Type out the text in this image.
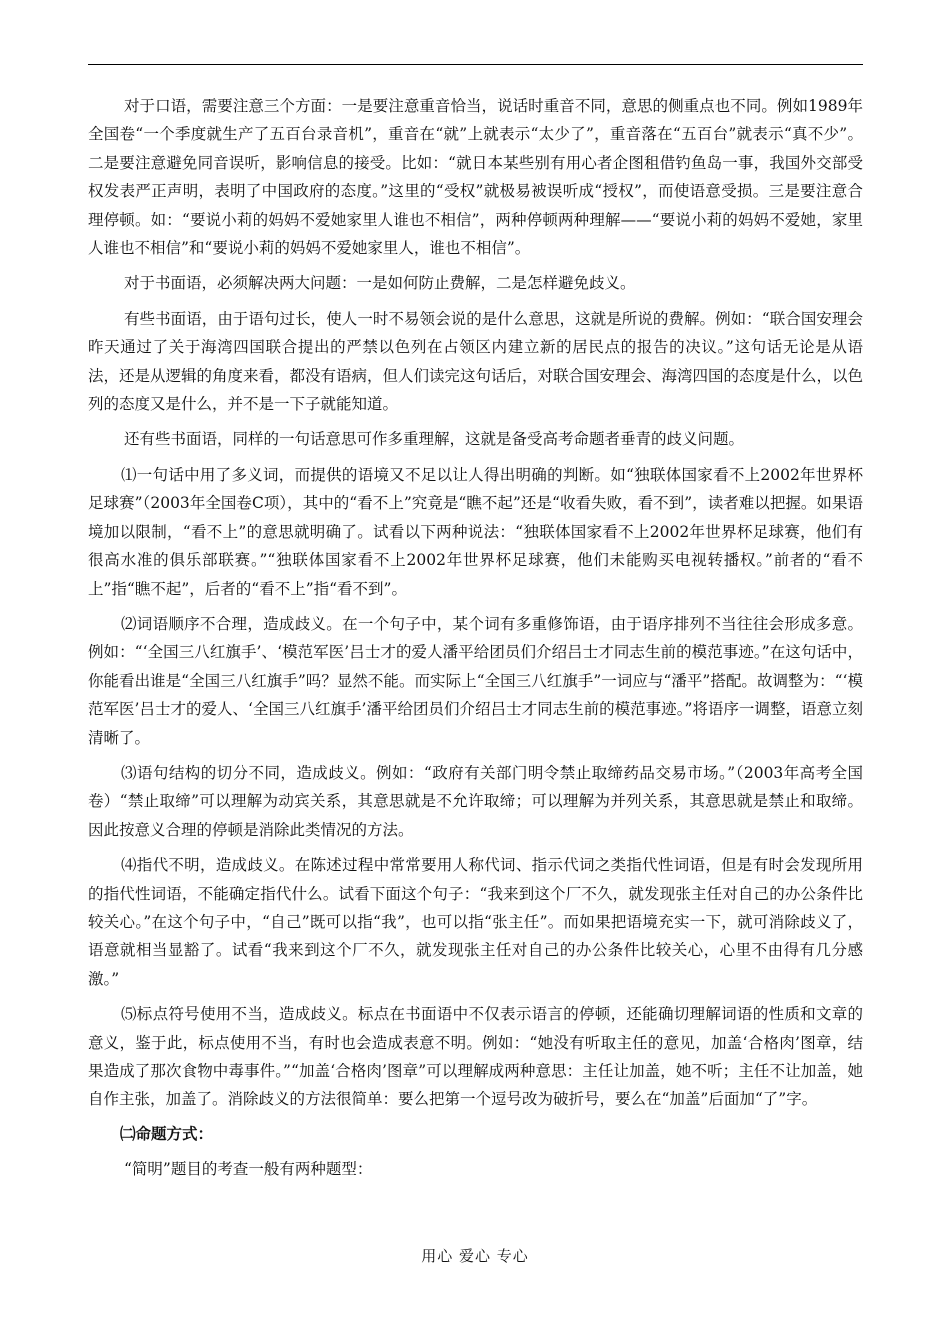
对于口语，需要注意三个方面：一是要注意重音恰当，说话时重音不同，意思的侧重点也不同。例如1989年全国卷“一个季度就生产了五百台录音机”，重音在“就”上就表示“太少了”，重音落在“五百台”就表示“真不少”。二是要注意避免同音误听，影响信息的接受。比如：“就日本某些别有用心者企图租借钓鱼岛一事，我国外交部受权发表严正声明，表明了中国政府的态度。”这里的“受权”就极易被误听成“授权”，而使语意受损。三是要注意合理停顿。如：“要说小莉的妈妈不爱她家里人谁也不相信”，两种停顿两种理解——“要说小莉的妈妈不爱她，家里人谁也不相信”和“要说小莉的妈妈不爱她家里人，谁也不相信”。

对于书面语，必须解决两大问题：一是如何防止费解，二是怎样避免歧义。

有些书面语，由于语句过长，使人一时不易领会说的是什么意思，这就是所说的费解。例如：“联合国安理会昨天通过了关于海湾四国联合提出的严禁以色列在占领区内建立新的居民点的报告的决议。”这句话无论是从语法，还是从逻辑的角度来看，都没有语病，但人们读完这句话后，对联合国安理会、海湾四国的态度是什么，以色列的态度又是什么，并不是一下子就能知道。

还有些书面语，同样的一句话意思可作多重理解，这就是备受高考命题者垂青的歧义问题。

⑴一句话中用了多义词，而提供的语境又不足以让人得出明确的判断。如“独联体国家看不上2002年世界杯足球赛”（2003年全国卷C项），其中的“看不上”究竟是“瞧不起”还是“收看失败，看不到”，读者难以把握。如果语境加以限制，“看不上”的意思就明确了。试看以下两种说法：“独联体国家看不上2002年世界杯足球赛，他们有很高水准的俱乐部联赛。”“独联体国家看不上2002年世界杯足球赛，他们未能购买电视转播权。”前者的“看不上”指“瞧不起”，后者的“看不上”指“看不到”。

⑵词语顺序不合理，造成歧义。在一个句子中，某个词有多重修饰语，由于语序排列不当往往会形成多意。例如：“‘全国三八红旗手’、‘模范军医’吕士才的爱人潘平给团员们介绍吕士才同志生前的模范事迹。”在这句话中，你能看出谁是“全国三八红旗手”吗？显然不能。而实际上“全国三八红旗手”一词应与“潘平”搭配。故调整为：“‘模范军医’吕士才的爱人、‘全国三八红旗手’潘平给团员们介绍吕士才同志生前的模范事迹。”将语序一调整，语意立刻清晰了。

⑶语句结构的切分不同，造成歧义。例如：“政府有关部门明令禁止取缔药品交易市场。”（2003年高考全国卷）“禁止取缔”可以理解为动宾关系，其意思就是不允许取缔；可以理解为并列关系，其意思就是禁止和取缔。因此按意义合理的停顿是消除此类情况的方法。

⑷指代不明，造成歧义。在陈述过程中常常要用人称代词、指示代词之类指代性词语，但是有时会发现所用的指代性词语，不能确定指代什么。试看下面这个句子：“我来到这个厂不久，就发现张主任对自己的办公条件比较关心。”在这个句子中，“自己”既可以指“我”，也可以指“张主任”。而如果把语境充实一下，就可消除歧义了，语意就相当显豁了。试看“我来到这个厂不久，就发现张主任对自己的办公条件比较关心，心里不由得有几分感激。”

⑸标点符号使用不当，造成歧义。标点在书面语中不仅表示语言的停顿，还能确切理解词语的性质和文章的意义，鉴于此，标点使用不当，有时也会造成表意不明。例如：“她没有听取主任的意见，加盖‘合格肉’图章，结果造成了那次食物中毒事件。”“加盖‘合格肉’图章”可以理解成两种意思：主任让加盖，她不听；主任不让加盖，她自作主张，加盖了。消除歧义的方法很简单：要么把第一个逗号改为破折号，要么在“加盖”后面加“了”字。

㈡命题方式：

“简明”题目的考查一般有两种题型：

用心 爱心 专心
